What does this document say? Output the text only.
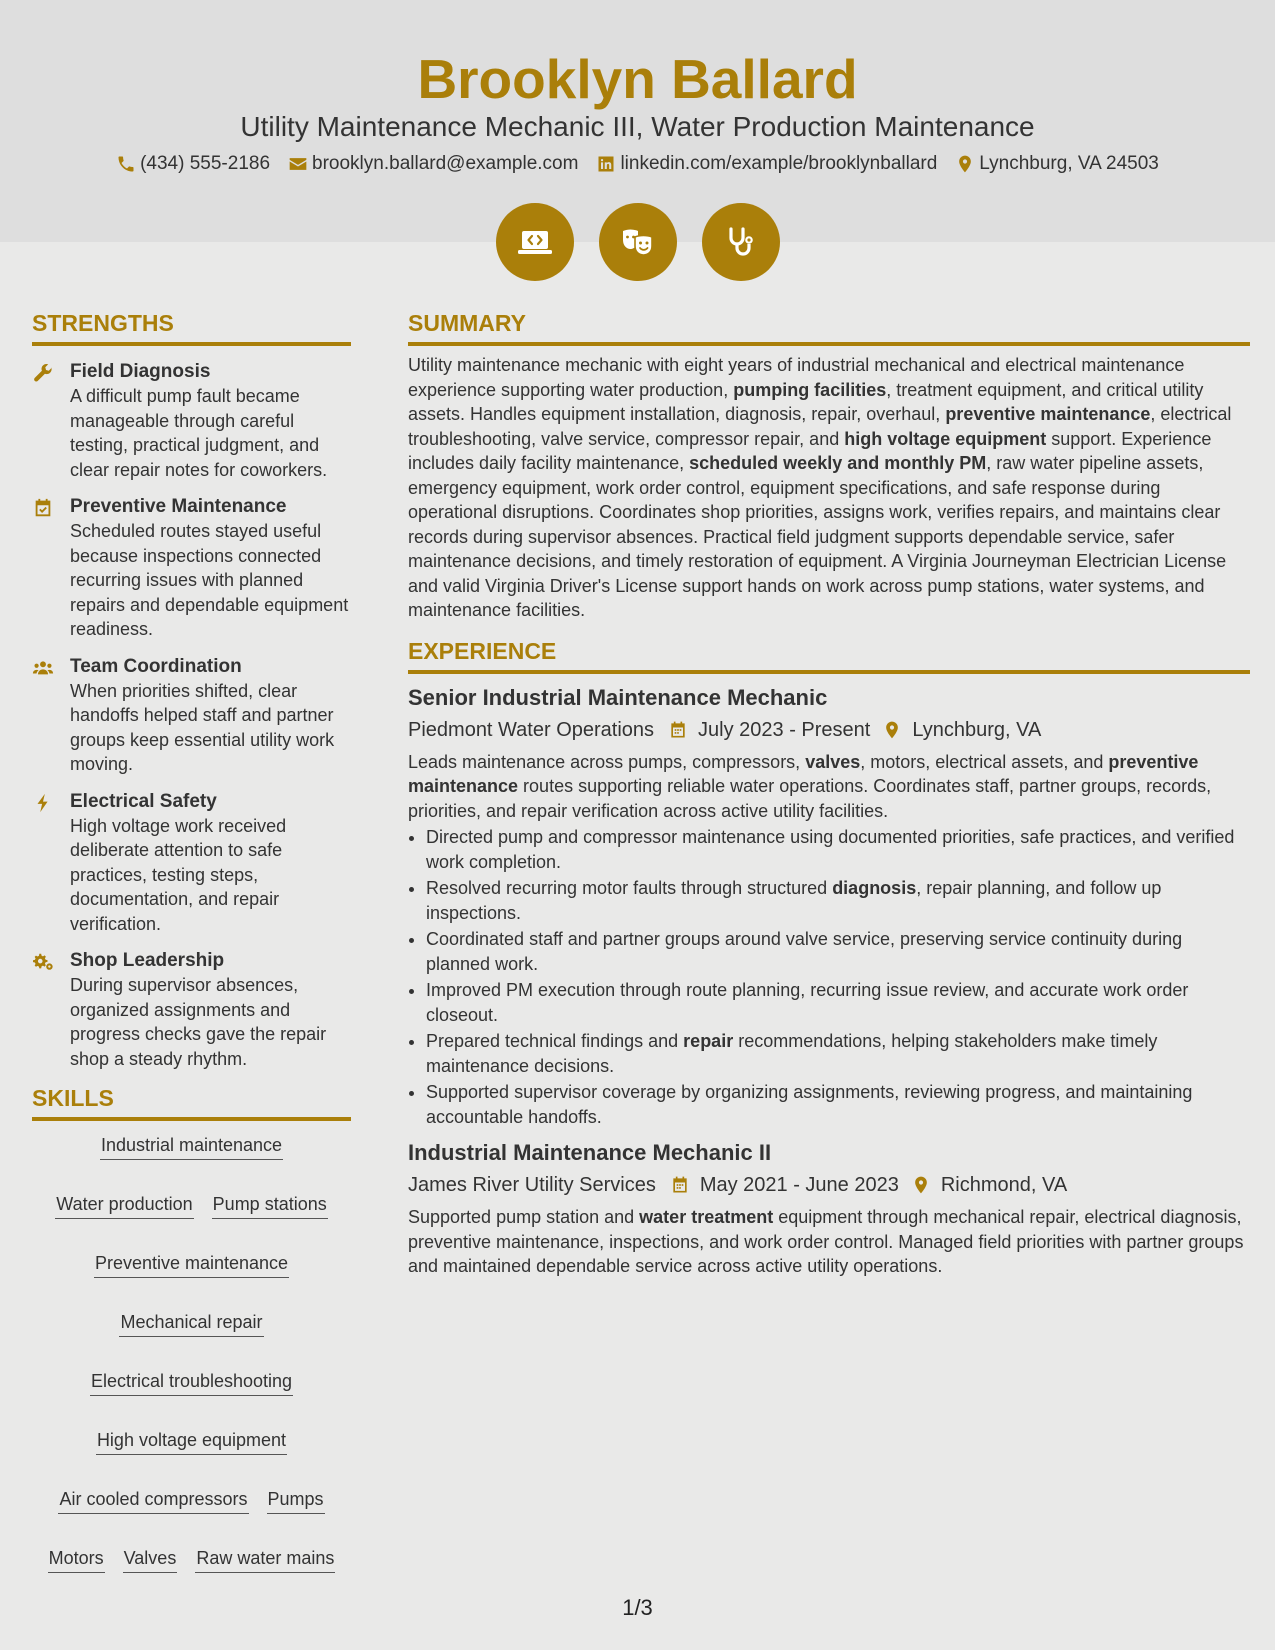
Brooklyn Ballard
Utility Maintenance Mechanic III, Water Production Maintenance
(434) 555-2186 brooklyn.ballard@example.com linkedin.com/example/brooklynballard Lynchburg, VA 24503
STRENGTHS
Field Diagnosis
A difficult pump fault became manageable through careful testing, practical judgment, and clear repair notes for coworkers.
Preventive Maintenance
Scheduled routes stayed useful because inspections connected recurring issues with planned repairs and dependable equipment readiness.
Team Coordination
When priorities shifted, clear handoffs helped staff and partner groups keep essential utility work moving.
Electrical Safety
High voltage work received deliberate attention to safe practices, testing steps, documentation, and repair verification.
Shop Leadership
During supervisor absences, organized assignments and progress checks gave the repair shop a steady rhythm.
SKILLS
Industrial maintenance
Water production Pump stations
Preventive maintenance
Mechanical repair
Electrical troubleshooting
High voltage equipment
Air cooled compressors Pumps
Motors Valves Raw water mains
SUMMARY

Utility maintenance mechanic with eight years of industrial mechanical and electrical maintenance experience supporting water production, pumping facilities, treatment equipment, and critical utility assets. Handles equipment installation, diagnosis, repair, overhaul, preventive maintenance, electrical troubleshooting, valve service, compressor repair, and high voltage equipment support. Experience includes daily facility maintenance, scheduled weekly and monthly PM, raw water pipeline assets, emergency equipment, work order control, equipment specifications, and safe response during operational disruptions. Coordinates shop priorities, assigns work, verifies repairs, and maintains clear records during supervisor absences. Practical field judgment supports dependable service, safer maintenance decisions, and timely restoration of equipment. A Virginia Journeyman Electrician License and valid Virginia Driver's License support hands on work across pump stations, water systems, and maintenance facilities.

EXPERIENCE
Senior Industrial Maintenance Mechanic
Piedmont Water Operations July 2023 - Present Lynchburg, VA

Leads maintenance across pumps, compressors, valves, motors, electrical assets, and preventive maintenance routes supporting reliable water operations. Coordinates staff, partner groups, records, priorities, and repair verification across active utility facilities.

• Directed pump and compressor maintenance using documented priorities, safe practices, and verified work completion.
• Resolved recurring motor faults through structured diagnosis, repair planning, and follow up inspections.
• Coordinated staff and partner groups around valve service, preserving service continuity during planned work.
• Improved PM execution through route planning, recurring issue review, and accurate work order closeout.
• Prepared technical findings and repair recommendations, helping stakeholders make timely maintenance decisions.
• Supported supervisor coverage by organizing assignments, reviewing progress, and maintaining accountable handoffs.
Industrial Maintenance Mechanic II
James River Utility Services May 2021 - June 2023 Richmond, VA

Supported pump station and water treatment equipment through mechanical repair, electrical diagnosis, preventive maintenance, inspections, and work order control. Managed field priorities with partner groups and maintained dependable service across active utility operations.

1/3
